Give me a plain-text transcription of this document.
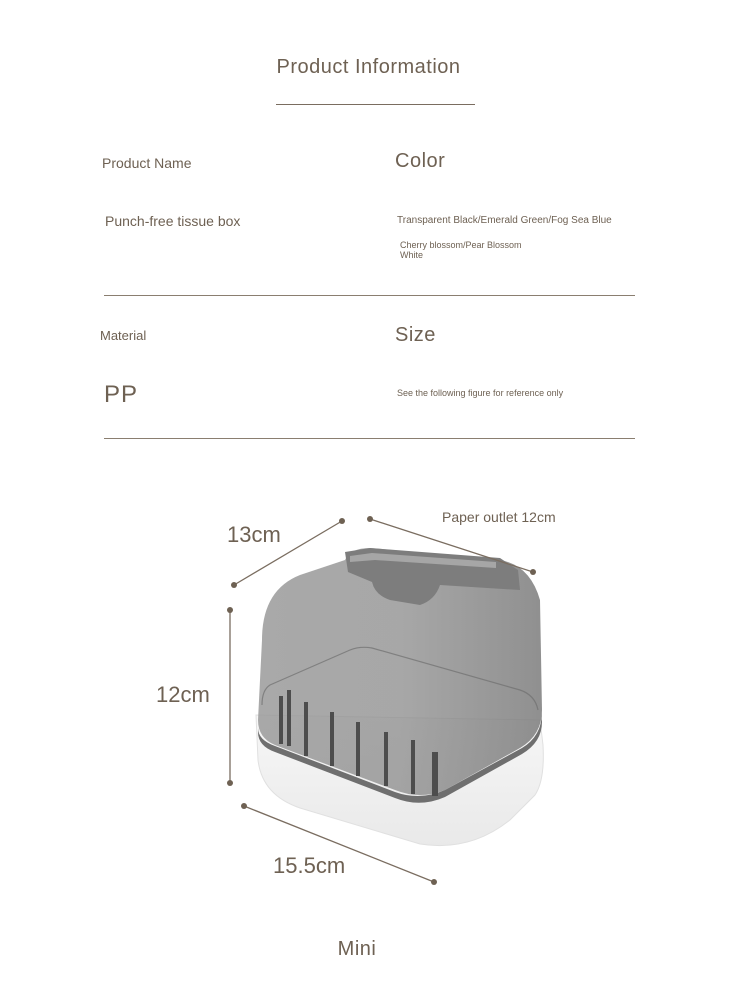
Product Information
Product Name	Color
Punch-free tissue box	Transparent Black/Emerald Green/Fog Sea Blue
Cherry blossom/Pear Blossom
White
Material	Size
PP	See the following figure for reference only
13cm
Paper outlet 12cm
12cm
15.5cm
Mini
